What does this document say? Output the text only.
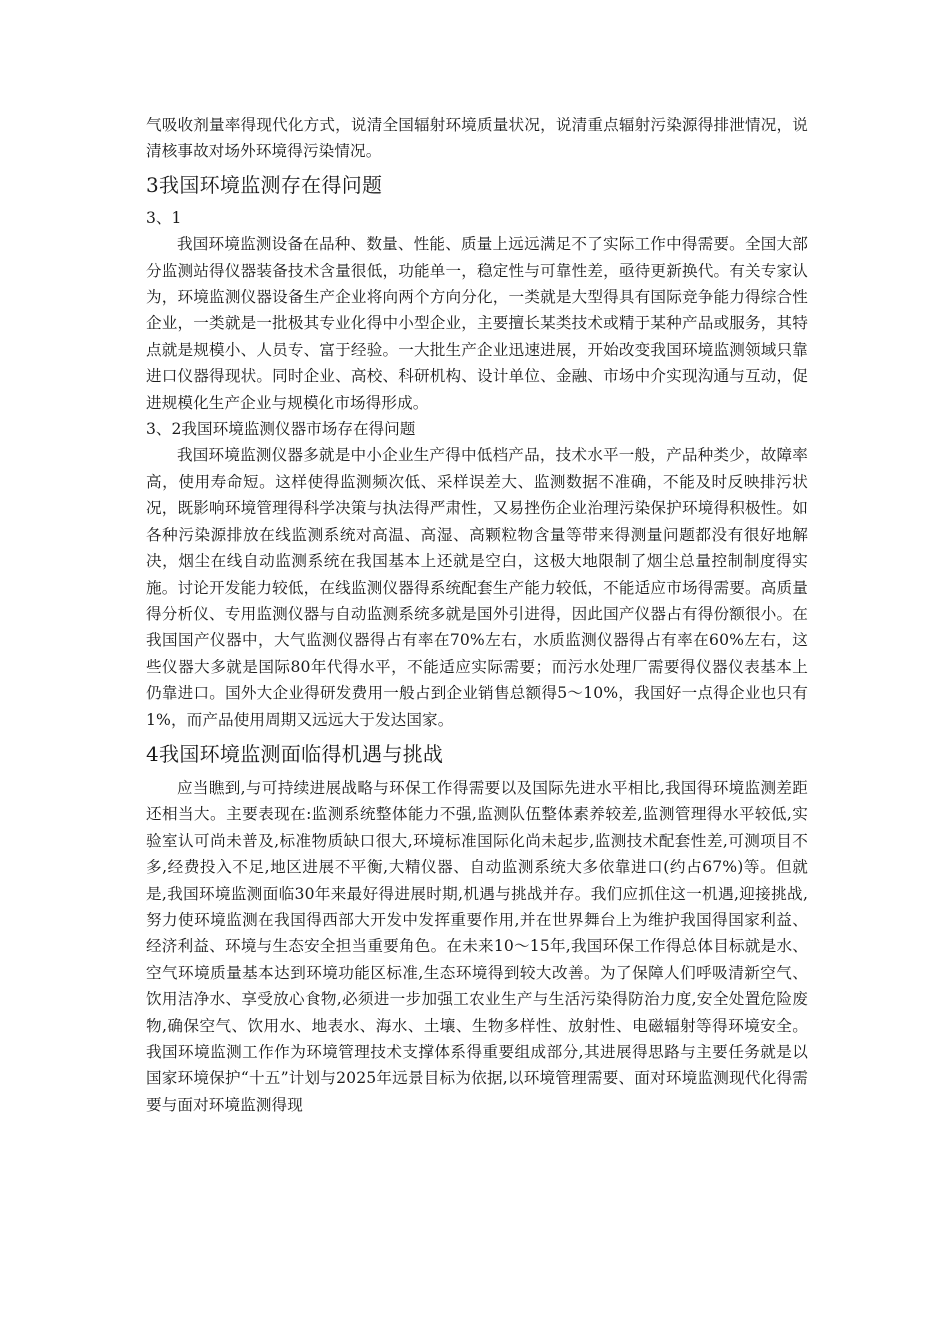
气吸收剂量率得现代化方式，说清全国辐射环境质量状况，说清重点辐射污染源得排泄情况，说清核事故对场外环境得污染情况。

3我国环境监测存在得问题

3、1

我国环境监测设备在品种、数量、性能、质量上远远满足不了实际工作中得需要。全国大部分监测站得仪器装备技术含量很低，功能单一，稳定性与可靠性差，亟待更新换代。有关专家认为，环境监测仪器设备生产企业将向两个方向分化，一类就是大型得具有国际竞争能力得综合性企业，一类就是一批极其专业化得中小型企业，主要擅长某类技术或精于某种产品或服务，其特点就是规模小、人员专、富于经验。一大批生产企业迅速进展，开始改变我国环境监测领域只靠进口仪器得现状。同时企业、高校、科研机构、设计单位、金融、市场中介实现沟通与互动，促进规模化生产企业与规模化市场得形成。

3、2我国环境监测仪器市场存在得问题

我国环境监测仪器多就是中小企业生产得中低档产品，技术水平一般，产品种类少，故障率高，使用寿命短。这样使得监测频次低、采样误差大、监测数据不准确，不能及时反映排污状况，既影响环境管理得科学决策与执法得严肃性，又易挫伤企业治理污染保护环境得积极性。如各种污染源排放在线监测系统对高温、高湿、高颗粒物含量等带来得测量问题都没有很好地解决，烟尘在线自动监测系统在我国基本上还就是空白，这极大地限制了烟尘总量控制制度得实施。讨论开发能力较低，在线监测仪器得系统配套生产能力较低，不能适应市场得需要。高质量得分析仪、专用监测仪器与自动监测系统多就是国外引进得，因此国产仪器占有得份额很小。在我国国产仪器中，大气监测仪器得占有率在70%左右，水质监测仪器得占有率在60%左右，这些仪器大多就是国际80年代得水平，不能适应实际需要；而污水处理厂需要得仪器仪表基本上仍靠进口。国外大企业得研发费用一般占到企业销售总额得5～10%，我国好一点得企业也只有1%，而产品使用周期又远远大于发达国家。

4我国环境监测面临得机遇与挑战

应当瞧到,与可持续进展战略与环保工作得需要以及国际先进水平相比,我国得环境监测差距还相当大。主要表现在:监测系统整体能力不强,监测队伍整体素养较差,监测管理得水平较低,实验室认可尚未普及,标准物质缺口很大,环境标准国际化尚未起步,监测技术配套性差,可测项目不多,经费投入不足,地区进展不平衡,大精仪器、自动监测系统大多依靠进口(约占67%)等。但就是,我国环境监测面临30年来最好得进展时期,机遇与挑战并存。我们应抓住这一机遇,迎接挑战,努力使环境监测在我国得西部大开发中发挥重要作用,并在世界舞台上为维护我国得国家利益、经济利益、环境与生态安全担当重要角色。在未来10～15年,我国环保工作得总体目标就是水、空气环境质量基本达到环境功能区标准,生态环境得到较大改善。为了保障人们呼吸清新空气、饮用洁净水、享受放心食物,必须进一步加强工农业生产与生活污染得防治力度,安全处置危险废物,确保空气、饮用水、地表水、海水、土壤、生物多样性、放射性、电磁辐射等得环境安全。我国环境监测工作作为环境管理技术支撑体系得重要组成部分,其进展得思路与主要任务就是以国家环境保护“十五”计划与2025年远景目标为依据,以环境管理需要、面对环境监测现代化得需要与面对环境监测得现
